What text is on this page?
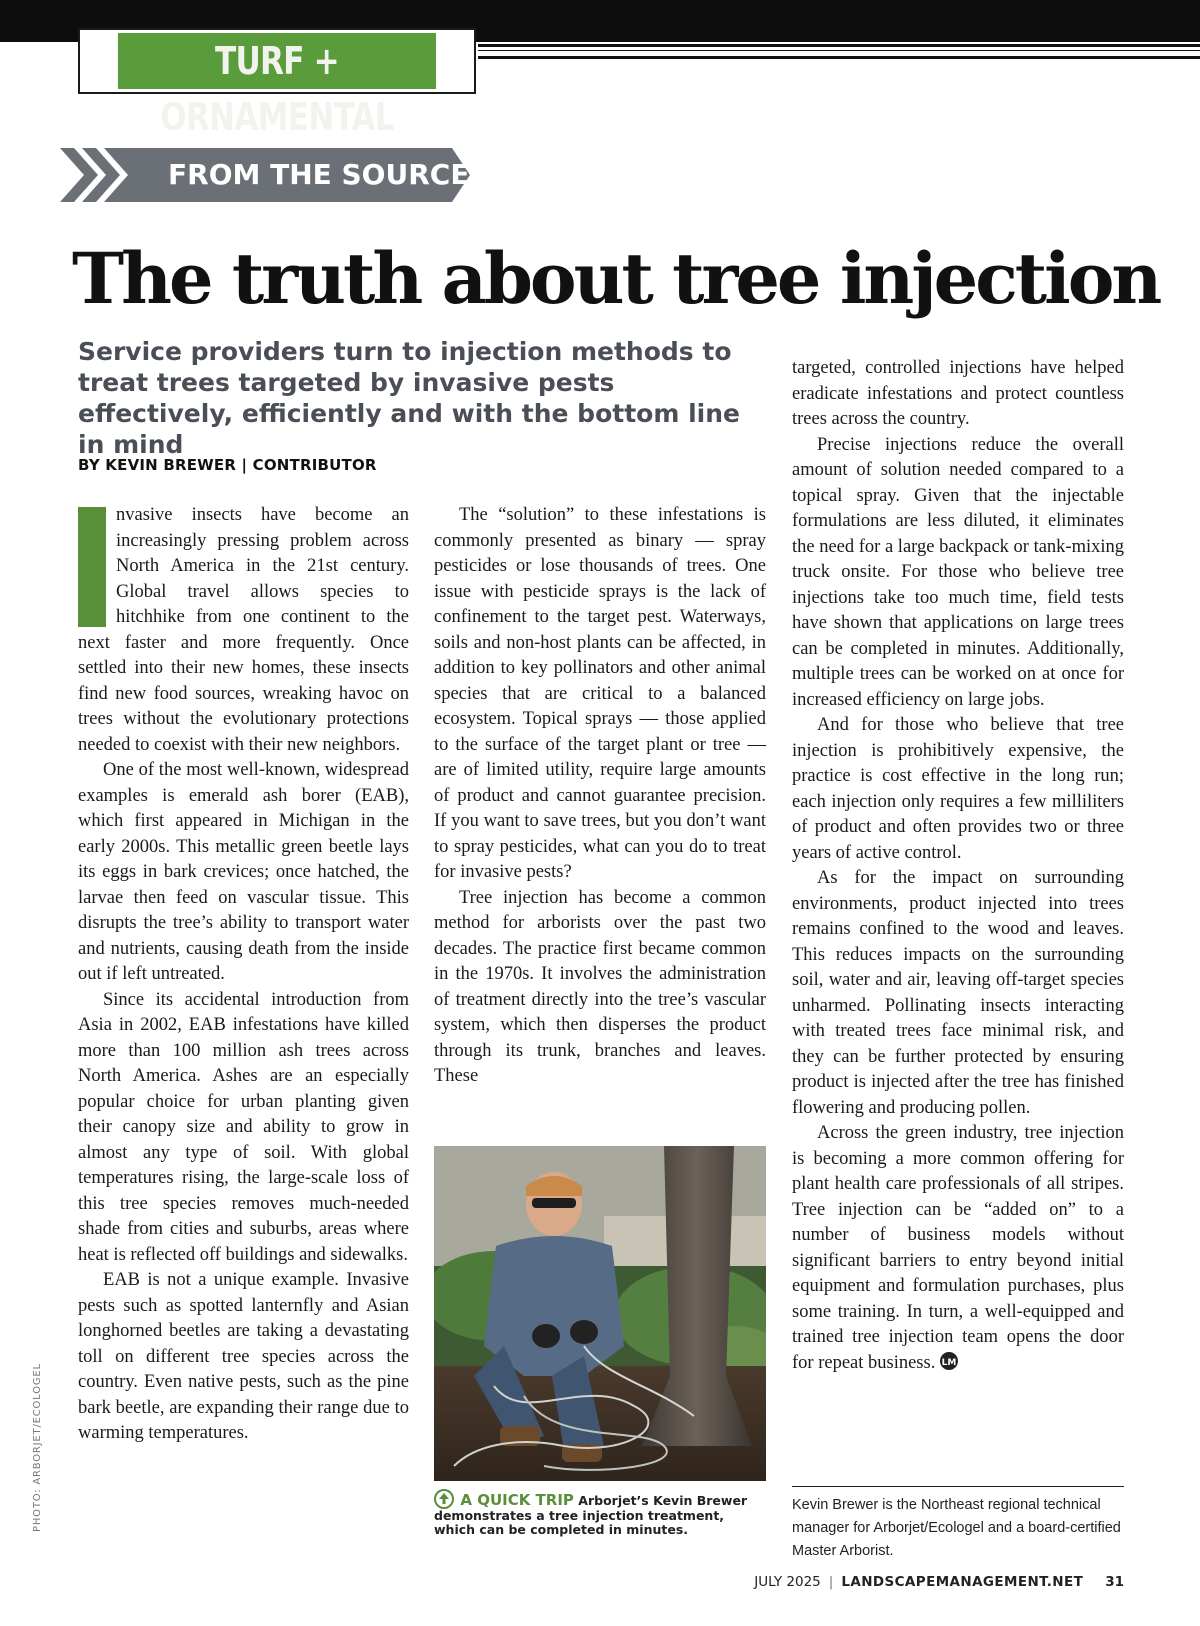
TURF + ORNAMENTAL
FROM THE SOURCE
The truth about tree injection
Service providers turn to injection methods to treat trees targeted by invasive pests effectively, efficiently and with the bottom line in mind
BY KEVIN BREWER | CONTRIBUTOR

nvasive insects have become an increasingly pressing problem across North America in the 21st century. Global travel allows species to hitchhike from one continent to the next faster and more frequently. Once settled into their new homes, these insects find new food sources, wreaking havoc on trees without the evolutionary protections needed to coexist with their new neighbors.

One of the most well-known, widespread examples is emerald ash borer (EAB), which first appeared in Michigan in the early 2000s. This metallic green beetle lays its eggs in bark crevices; once hatched, the larvae then feed on vascular tissue. This disrupts the tree’s ability to transport water and nutrients, causing death from the inside out if left untreated.

Since its accidental introduction from Asia in 2002, EAB infestations have killed more than 100 million ash trees across North America. Ashes are an especially popular choice for urban planting given their canopy size and ability to grow in almost any type of soil. With global temperatures rising, the large-scale loss of this tree species removes much-needed shade from cities and suburbs, areas where heat is reflected off buildings and sidewalks.

EAB is not a unique example. Invasive pests such as spotted lanternfly and Asian longhorned beetles are taking a devastating toll on different tree species across the country. Even native pests, such as the pine bark beetle, are expanding their range due to warming temperatures.

The “solution” to these infestations is commonly presented as binary — spray pesticides or lose thousands of trees. One issue with pesticide sprays is the lack of confinement to the target pest. Waterways, soils and non-host plants can be affected, in addition to key pollinators and other animal species that are critical to a balanced ecosystem. Topical sprays — those applied to the surface of the target plant or tree — are of limited utility, require large amounts of product and cannot guarantee precision. If you want to save trees, but you don’t want to spray pesticides, what can you do to treat for invasive pests?

Tree injection has become a common method for arborists over the past two decades. The practice first became common in the 1970s. It involves the administration of treatment directly into the tree’s vascular system, which then disperses the product through its trunk, branches and leaves. These

A QUICK TRIP Arborjet’s Kevin Brewer demonstrates a tree injection treatment, which can be completed in minutes.

targeted, controlled injections have helped eradicate infestations and protect countless trees across the country.

Precise injections reduce the overall amount of solution needed compared to a topical spray. Given that the injectable formulations are less diluted, it eliminates the need for a large backpack or tank-mixing truck onsite. For those who believe tree injections take too much time, field tests have shown that applications on large trees can be completed in minutes. Additionally, multiple trees can be worked on at once for increased efficiency on large jobs.

And for those who believe that tree injection is prohibitively expensive, the practice is cost effective in the long run; each injection only requires a few milliliters of product and often provides two or three years of active control.

As for the impact on surrounding environments, product injected into trees remains confined to the wood and leaves. This reduces impacts on the surrounding soil, water and air, leaving off-target species unharmed. Pollinating insects interacting with treated trees face minimal risk, and they can be further protected by ensuring product is injected after the tree has finished flowering and producing pollen.

Across the green industry, tree injection is becoming a more common offering for plant health care professionals of all stripes. Tree injection can be “added on” to a number of business models without significant barriers to entry beyond initial equipment and formulation purchases, plus some training. In turn, a well-equipped and trained tree injection team opens the door for repeat business. LM

Kevin Brewer is the Northeast regional technical manager for Arborjet/Ecologel and a board-certified Master Arborist.
PHOTO: ARBORJET/ECOLOGEL
JULY 2025 | LANDSCAPEMANAGEMENT.NET 31
